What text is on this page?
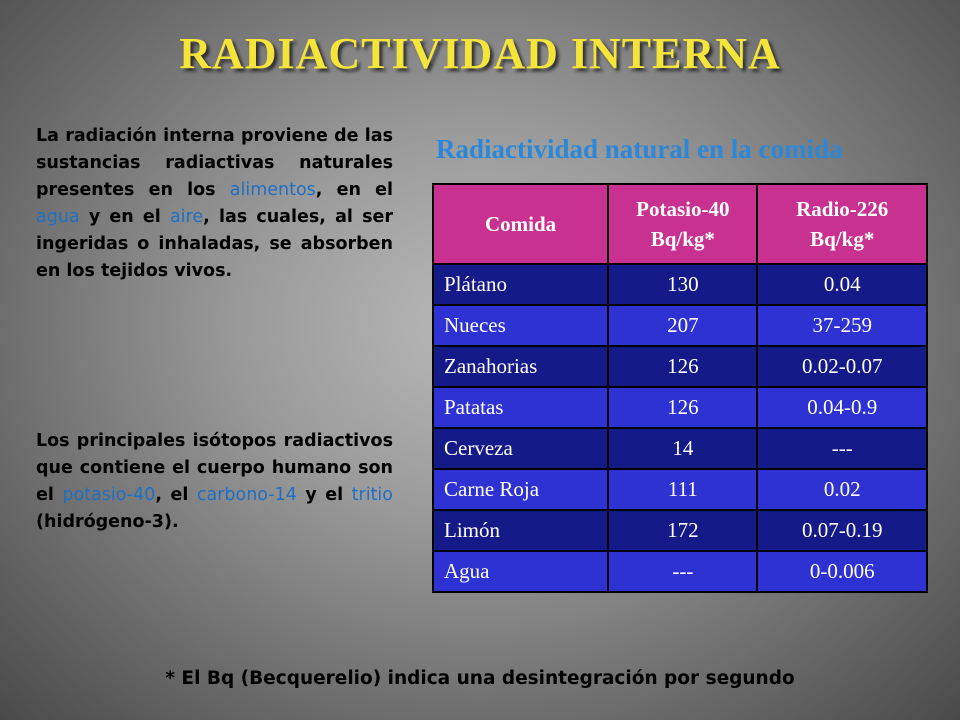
RADIACTIVIDAD INTERNA

La radiación interna proviene de las sustancias radiactivas naturales presentes en los alimentos, en el agua y en el aire, las cuales, al ser ingeridas o inhaladas, se absorben en los tejidos vivos.

Los principales isótopos radiactivos que contiene el cuerpo humano son el potasio-40, el carbono-14 y el tritio (hidrógeno-3).

Radiactividad natural en la comida
Comida	Potasio-40 Bq/kg*	Radio-226 Bq/kg*
Plátano	130	0.04
Nueces	207	37-259
Zanahorias	126	0.02-0.07
Patatas	126	0.04-0.9
Cerveza	14	---
Carne Roja	111	0.02
Limón	172	0.07-0.19
Agua	---	0-0.006

* El Bq (Becquerelio) indica una desintegración por segundo
